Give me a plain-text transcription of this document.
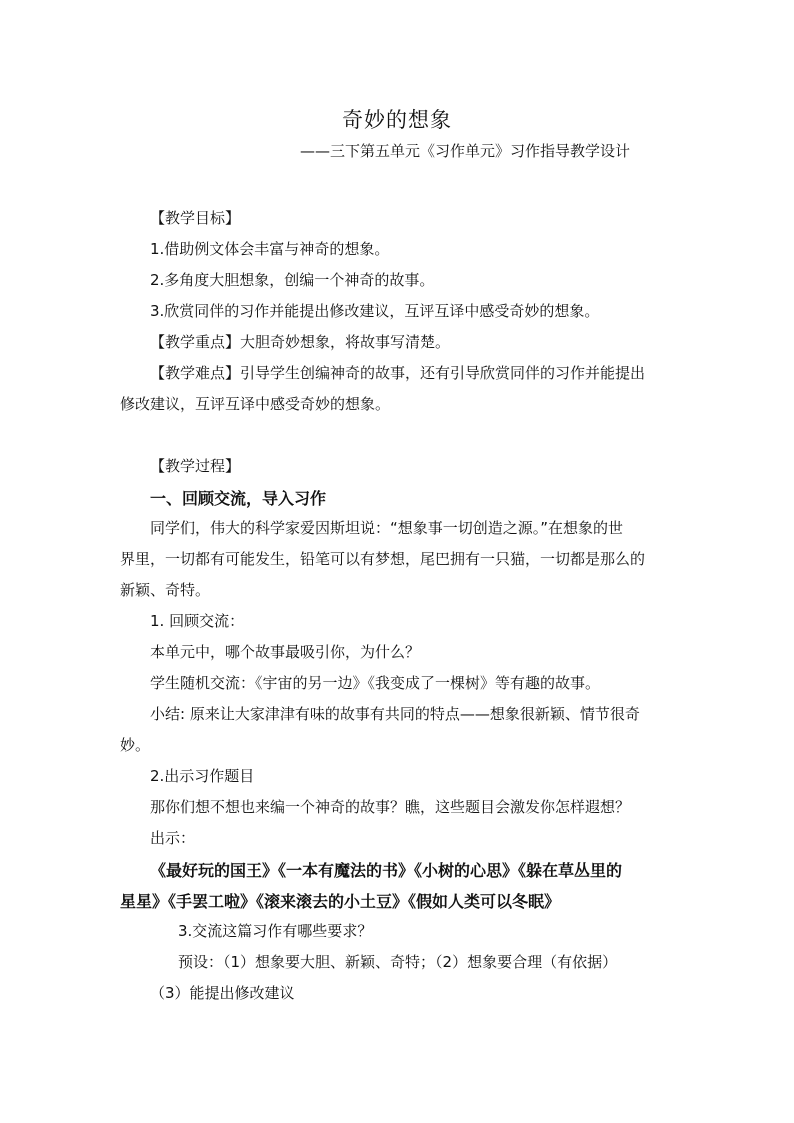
奇妙的想象
——三下第五单元《习作单元》习作指导教学设计
【教学目标】
1.借助例文体会丰富与神奇的想象。
2.多角度大胆想象，创编一个神奇的故事。
3.欣赏同伴的习作并能提出修改建议，互评互译中感受奇妙的想象。
【教学重点】大胆奇妙想象，将故事写清楚。
【教学难点】引导学生创编神奇的故事，还有引导欣赏同伴的习作并能提出
修改建议，互评互译中感受奇妙的想象。
【教学过程】
一、回顾交流，导入习作
同学们，伟大的科学家爱因斯坦说：“想象事一切创造之源。”在想象的世
界里，一切都有可能发生，铅笔可以有梦想，尾巴拥有一只猫，一切都是那么的
新颖、奇特。
1. 回顾交流：
本单元中，哪个故事最吸引你，为什么？
学生随机交流：《宇宙的另一边》《我变成了一棵树》等有趣的故事。
小结: 原来让大家津津有味的故事有共同的特点——想象很新颖、情节很奇
妙。
2.出示习作题目
那你们想不想也来编一个神奇的故事？瞧，这些题目会激发你怎样遐想？
出示：
《最好玩的国王》《一本有魔法的书》《小树的心思》《躲在草丛里的
星星》《手罢工啦》《滚来滚去的小土豆》《假如人类可以冬眠》
3.交流这篇习作有哪些要求？
预设：（1）想象要大胆、新颖、奇特；（2）想象要合理（有依据）
（3）能提出修改建议
